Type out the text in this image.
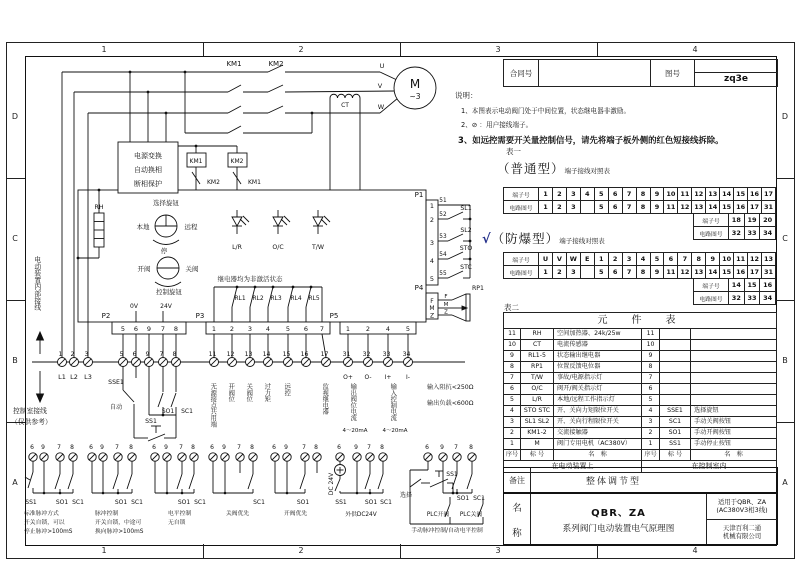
1	2	3	4
1	2	3	4
D
C
B
A
D
C
B
A
6 9 7 8	6 9 7 8	6 9 7 8	6 9 7 8	6 9 7 8	6 9 7 8	6 9 7 8
KM1	KM2	U
V
W
M
~3
CT
电源变换
自动换相
断相保护
KM1	KM2
KM2	KM1
RH
选择旋钮
本地	远程
停
开阀	关阀
控制旋钮
L/R	O/C	T/W
继电器均为非激活状态
RL1 RL2 RL3 RL4 RL5
P1
1
2
3
4
5
51
52
53
54
55
SL1
SL2
STO
STC
P4
F
M
Z
F
M
Z
RP1
P2
5 6 9 7 8
0V	24V
P3
1 2 3 4 5 6 7
P5
1 2 4 5
L1 L2 L3	O+ O- I+ I-
4～20mA	4～20mA
输入阻抗<250Ω
输出负载<600Ω
SSE1
自动
SS1
SO1 SC1
SS1	SO1 SC1
标准脉冲方式
开关自锁，可以
停止脉冲>100mS
SO1 SC1
脉冲控制
开关自锁，中途可
换向脉冲>100mS
SO1 SC1
电平控制
无自锁
SC1
关阀优先
SO1
开阀优先
SS1	SO1 SC1
外供DC24V
DC 24V	SS1
选择	SO1 SC1
PLC开阀 PLC关阀
手动脉冲控制/自动电平控制
1 2 3	5 6 9 7 8	11 12 13 14 15 16 17 31 32 33 34
无源接点共用端 开阀位 关阀位 过力矩 远控	监视继电器	输出阀位电流	输入控制电流
电动装置内部接线
控制室接线
（仅供参考）
合同号	图号
zq3e
说明：
1、本图表示电动阀门处于中间位置，状态继电器非激励。
2、⊘ ：用户接线端子。
3、如远控需要开关量控制信号，请先将端子板外侧的红色短接线拆除。
表一
（普通型）端子接线对照表
端子号	1	2	3	4	5	6	7	8	9	10	11	12	13	14	15	16	17
电路图号	1	2	3		5	6	7	8	9	11	12	13	14	15	16	17	31
端子号	18	19	20
电路图号	32	33	34
√（防爆型）端子接线对照表
端子号	U	V	W	E	1	2	3	4	5	6	7	8	9	10	11	12	13
电路图号	1	2	3		5	6	7	8	9	11	12	13	14	15	16	17	31
端子号	14	15	16
电路图号	32	33	34
表二
元　件　表					
11	RH	空间加热器、24k/25w	11		
10	CT	电流传感器	10		
9	RL1-5	状态输出继电器	9		
8	RP1	位置反馈电位器	8		
7	T/W	事故/电源指示灯	7		
6	O/C	阀开/阀关指示灯	6		
5	L/R	本地/远程工作指示灯	5		
4	STO STC	开、关向力矩限位开关	4	SSE1	选择旋钮
3	SL1 SL2	开、关向行程限位开关	3	SC1	手动关阀按钮
2	KM1-2	交流接触器	2	SO1	手动开阀按钮
1	M	阀门专用电机（AC380V）	1	SS1	手动停止按钮
序号	标 号	名　称	序号	标 号	名　称
在电动装置上			在控制室内		
备注	整体调节型
名
称
QBR、ZA
系列阀门电动装置电气原理图
适用于QBR、ZA
(AC380V3相3线)
天津百利二通
机械有限公司
